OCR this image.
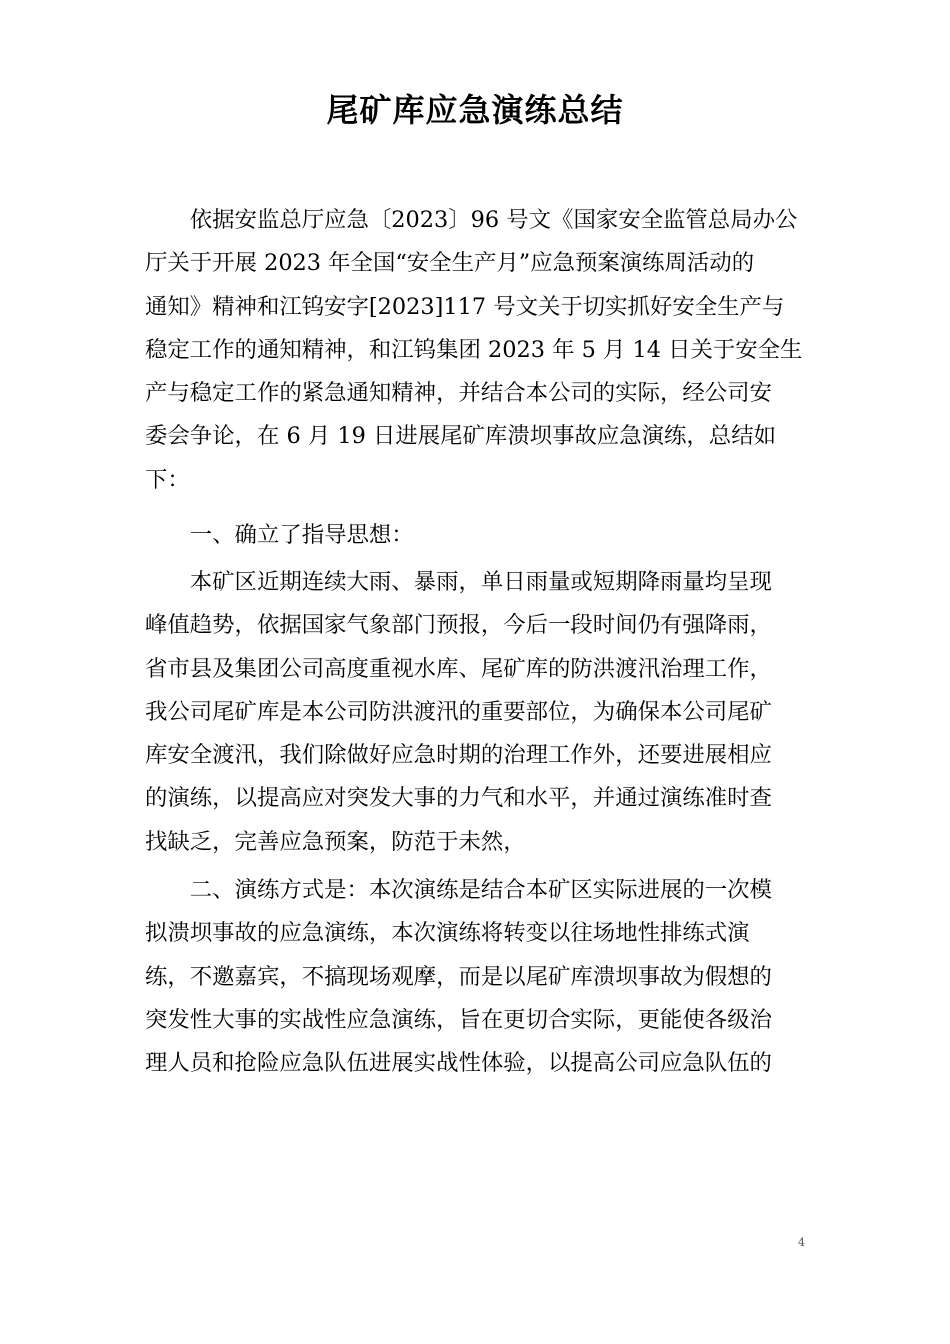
尾矿库应急演练总结
　　依据安监总厅应急〔2023〕96 号文《国家安全监管总局办公
厅关于开展 2023 年全国“安全生产月”应急预案演练周活动的
通知》精神和江钨安字[2023]117 号文关于切实抓好安全生产与
稳定工作的通知精神，和江钨集团 2023 年 5 月 14 日关于安全生
产与稳定工作的紧急通知精神，并结合本公司的实际，经公司安
委会争论，在 6 月 19 日进展尾矿库溃坝事故应急演练，总结如
下：
　　一、确立了指导思想：
　　本矿区近期连续大雨、暴雨，单日雨量或短期降雨量均呈现
峰值趋势，依据国家气象部门预报，今后一段时间仍有强降雨，
省市县及集团公司高度重视水库、尾矿库的防洪渡汛治理工作，
我公司尾矿库是本公司防洪渡汛的重要部位，为确保本公司尾矿
库安全渡汛，我们除做好应急时期的治理工作外，还要进展相应
的演练，以提高应对突发大事的力气和水平，并通过演练准时查
找缺乏，完善应急预案，防范于未然，
　　二、演练方式是：本次演练是结合本矿区实际进展的一次模
拟溃坝事故的应急演练，本次演练将转变以往场地性排练式演
练，不邀嘉宾，不搞现场观摩，而是以尾矿库溃坝事故为假想的
突发性大事的实战性应急演练，旨在更切合实际，更能使各级治
理人员和抢险应急队伍进展实战性体验，以提高公司应急队伍的
4
